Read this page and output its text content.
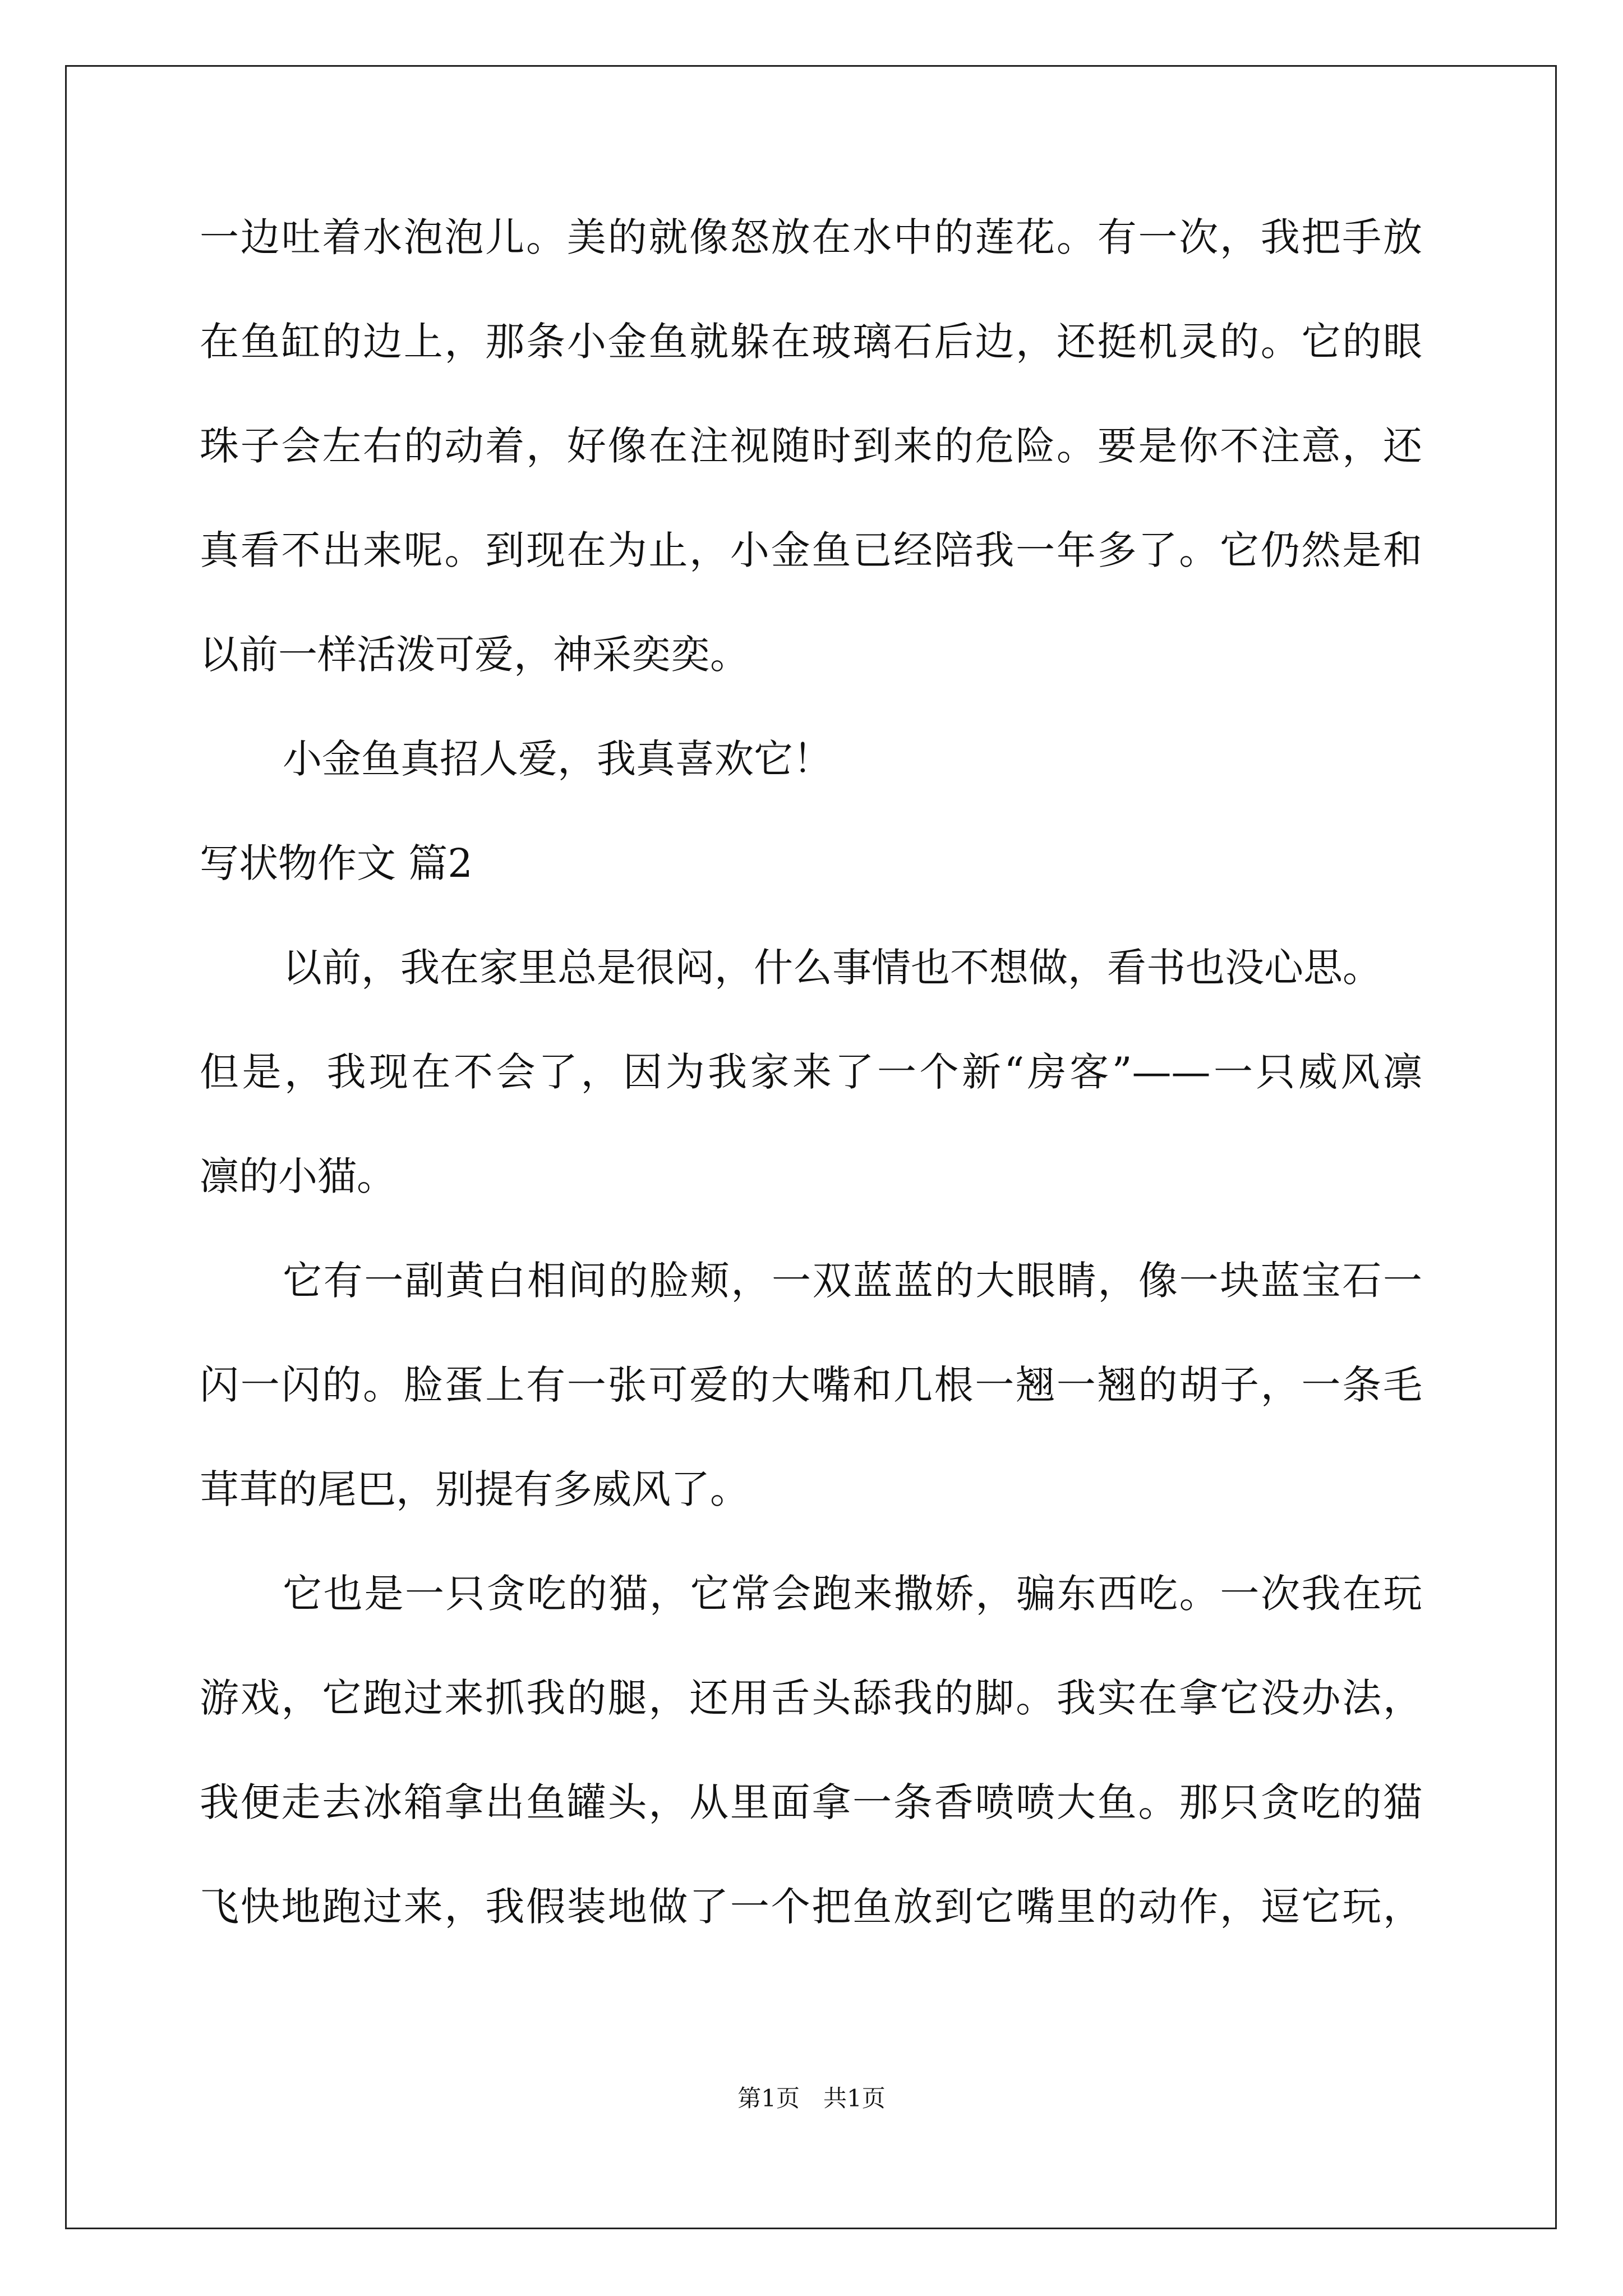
一边吐着水泡泡儿。美的就像怒放在水中的莲花。有一次，我把手放
在鱼缸的边上，那条小金鱼就躲在玻璃石后边，还挺机灵的。它的眼
珠子会左右的动着，好像在注视随时到来的危险。要是你不注意，还
真看不出来呢。到现在为止，小金鱼已经陪我一年多了。它仍然是和
以前一样活泼可爱，神采奕奕。
小金鱼真招人爱，我真喜欢它！
写状物作文 篇2
以前，我在家里总是很闷，什么事情也不想做，看书也没心思。
但是，我现在不会了，因为我家来了一个新“房客”——一只威风凛
凛的小猫。
它有一副黄白相间的脸颊，一双蓝蓝的大眼睛，像一块蓝宝石一
闪一闪的。脸蛋上有一张可爱的大嘴和几根一翘一翘的胡子，一条毛
茸茸的尾巴，别提有多威风了。
它也是一只贪吃的猫，它常会跑来撒娇，骗东西吃。一次我在玩
游戏，它跑过来抓我的腿，还用舌头舔我的脚。我实在拿它没办法，
我便走去冰箱拿出鱼罐头，从里面拿一条香喷喷大鱼。那只贪吃的猫
飞快地跑过来，我假装地做了一个把鱼放到它嘴里的动作，逗它玩，
第1页　共1页
